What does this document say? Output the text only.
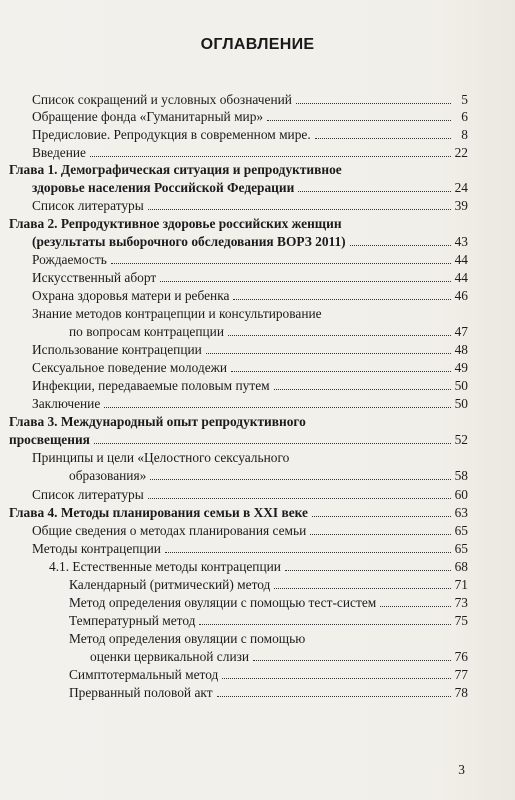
ОГЛАВЛЕНИЕ
Список сокращений и условных обозначений	5
Обращение фонда «Гуманитарный мир»	6
Предисловие. Репродукция в современном мире.	8
Введение	22
Глава 1. Демографическая ситуация и репродуктивное
здоровье населения Российской Федерации	24
Список литературы	39
Глава 2. Репродуктивное здоровье российских женщин
(результаты выборочного обследования ВОРЗ 2011)	43
Рождаемость	44
Искусственный аборт	44
Охрана здоровья матери и ребенка	46
Знание методов контрацепции и консультирование
по вопросам контрацепции	47
Использование контрацепции	48
Сексуальное поведение молодежи	49
Инфекции, передаваемые половым путем	50
Заключение	50
Глава 3. Международный опыт репродуктивного
просвещения	52
Принципы и цели «Целостного сексуального
образования»	58
Список литературы	60
Глава 4. Методы планирования семьи в XXI веке	63
Общие сведения о методах планирования семьи	65
Методы контрацепции	65
4.1. Естественные методы контрацепции	68
Календарный (ритмический) метод	71
Метод определения овуляции с помощью тест-систем	73
Температурный метод	75
Метод определения овуляции с помощью
оценки цервикальной слизи	76
Симптотермальный метод	77
Прерванный половой акт	78
3
